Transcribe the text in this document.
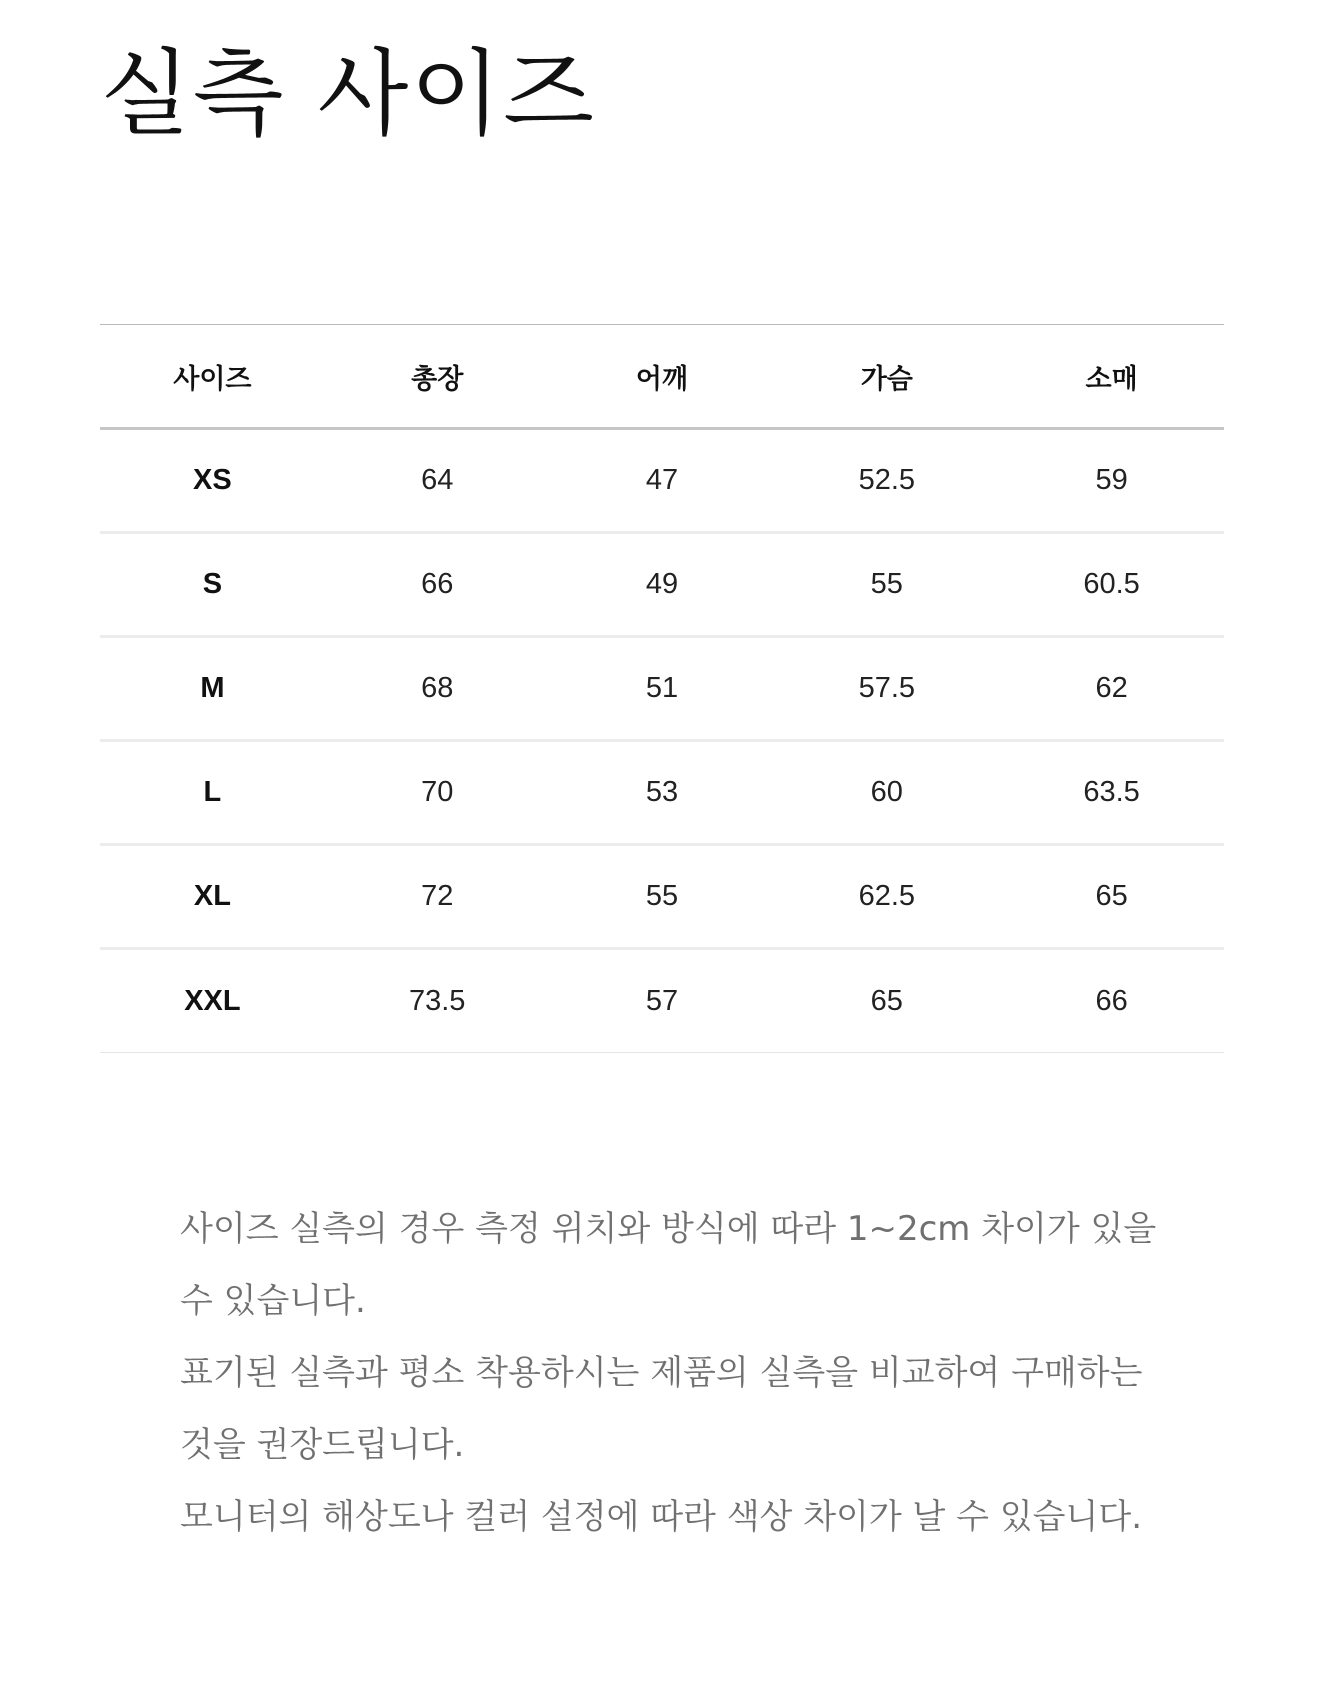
실측 사이즈
사이즈	총장	어깨	가슴	소매
XS	64	47	52.5	59
S	66	49	55	60.5
M	68	51	57.5	62
L	70	53	60	63.5
XL	72	55	62.5	65
XXL	73.5	57	65	66

사이즈 실측의 경우 측정 위치와 방식에 따라 1~2cm 차이가 있을 수 있습니다.

표기된 실측과 평소 착용하시는 제품의 실측을 비교하여 구매하는 것을 권장드립니다.

모니터의 해상도나 컬러 설정에 따라 색상 차이가 날 수 있습니다.
